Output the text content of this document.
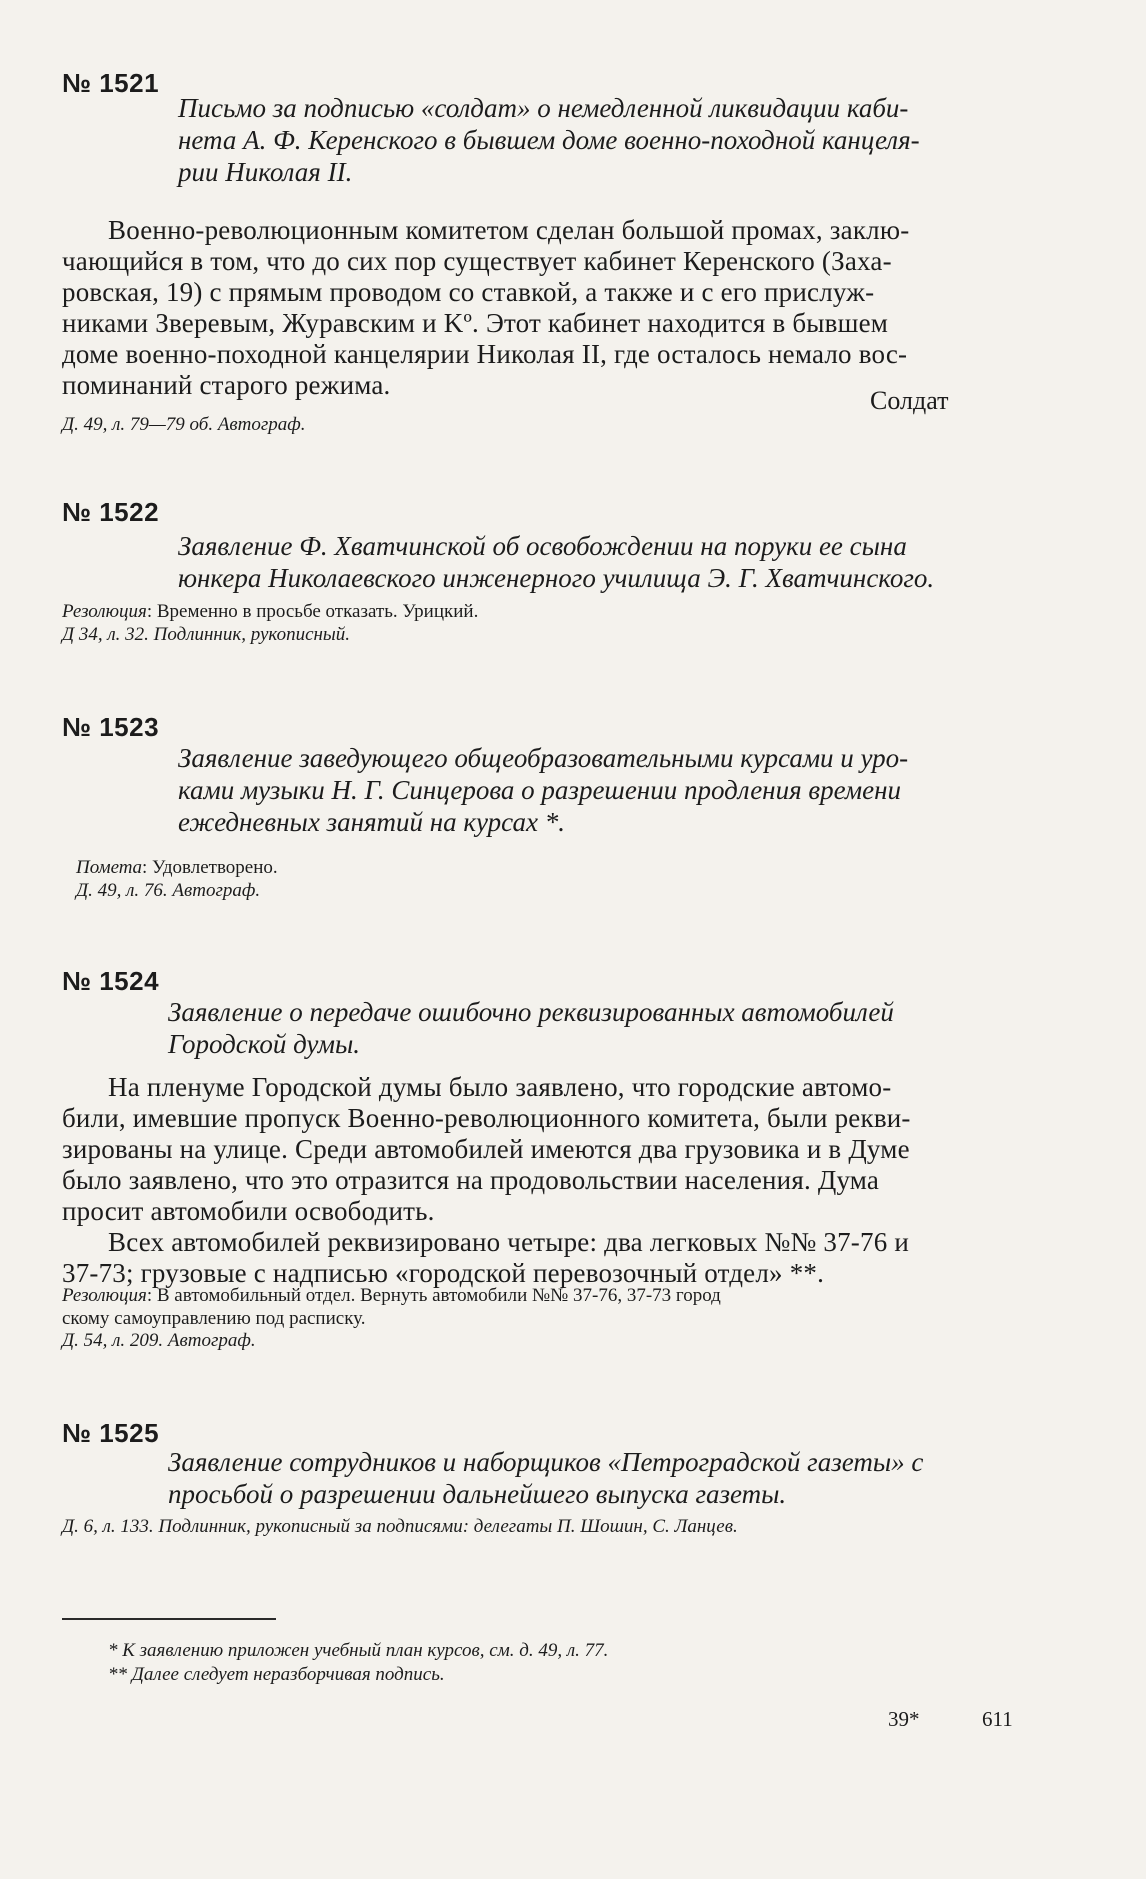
№ 1521
Письмо за подписью «солдат» о немедленной ликвидации каби-
нета А. Ф. Керенского в бывшем доме военно-походной канцеля-
рии Николая II.
Военно-революционным комитетом сделан большой промах, заклю-
чающийся в том, что до сих пор существует кабинет Керенского (Заха-
ровская, 19) с прямым проводом со ставкой, а также и с его прислуж-
никами Зверевым, Журавским и Kº. Этот кабинет находится в бывшем
доме военно-походной канцелярии Николая II, где осталось немало вос-
поминаний старого режима.
Солдат
Д. 49, л. 79—79 об. Автограф.
№ 1522
Заявление Ф. Хватчинской об освобождении на поруки ее сына
юнкера Николаевского инженерного училища Э. Г. Хватчинского.
Резолюция: Временно в просьбе отказать. Урицкий.
Д 34, л. 32. Подлинник, рукописный.
№ 1523
Заявление заведующего общеобразовательными курсами и уро-
ками музыки Н. Г. Синцерова о разрешении продления времени
ежедневных занятий на курсах *.
Пометa: Удовлетворено.
Д. 49, л. 76. Автограф.
№ 1524
Заявление о передаче ошибочно реквизированных автомобилей
Городской думы.
На пленуме Городской думы было заявлено, что городские автомо-
били, имевшие пропуск Военно-революционного комитета, были рекви-
зированы на улице. Среди автомобилей имеются два грузовика и в Думе
было заявлено, что это отразится на продовольствии населения. Дума
просит автомобили освободить.
Всех автомобилей реквизировано четыре: два легковых №№ 37-76 и
37-73; грузовые с надписью «городской перевозочный отдел» **.
Резолюция: В автомобильный отдел. Вернуть автомобили №№ 37-76, 37-73 город
скому самоуправлению под расписку.
Д. 54, л. 209. Автограф.
№ 1525
Заявление сотрудников и наборщиков «Петроградской газеты» с
просьбой о разрешении дальнейшего выпуска газеты.
Д. 6, л. 133. Подлинник, рукописный за подписями: делегаты П. Шошин, С. Ланцев.
* К заявлению приложен учебный план курсов, см. д. 49, л. 77.
** Далее следует неразборчивая подпись.
39*	611
